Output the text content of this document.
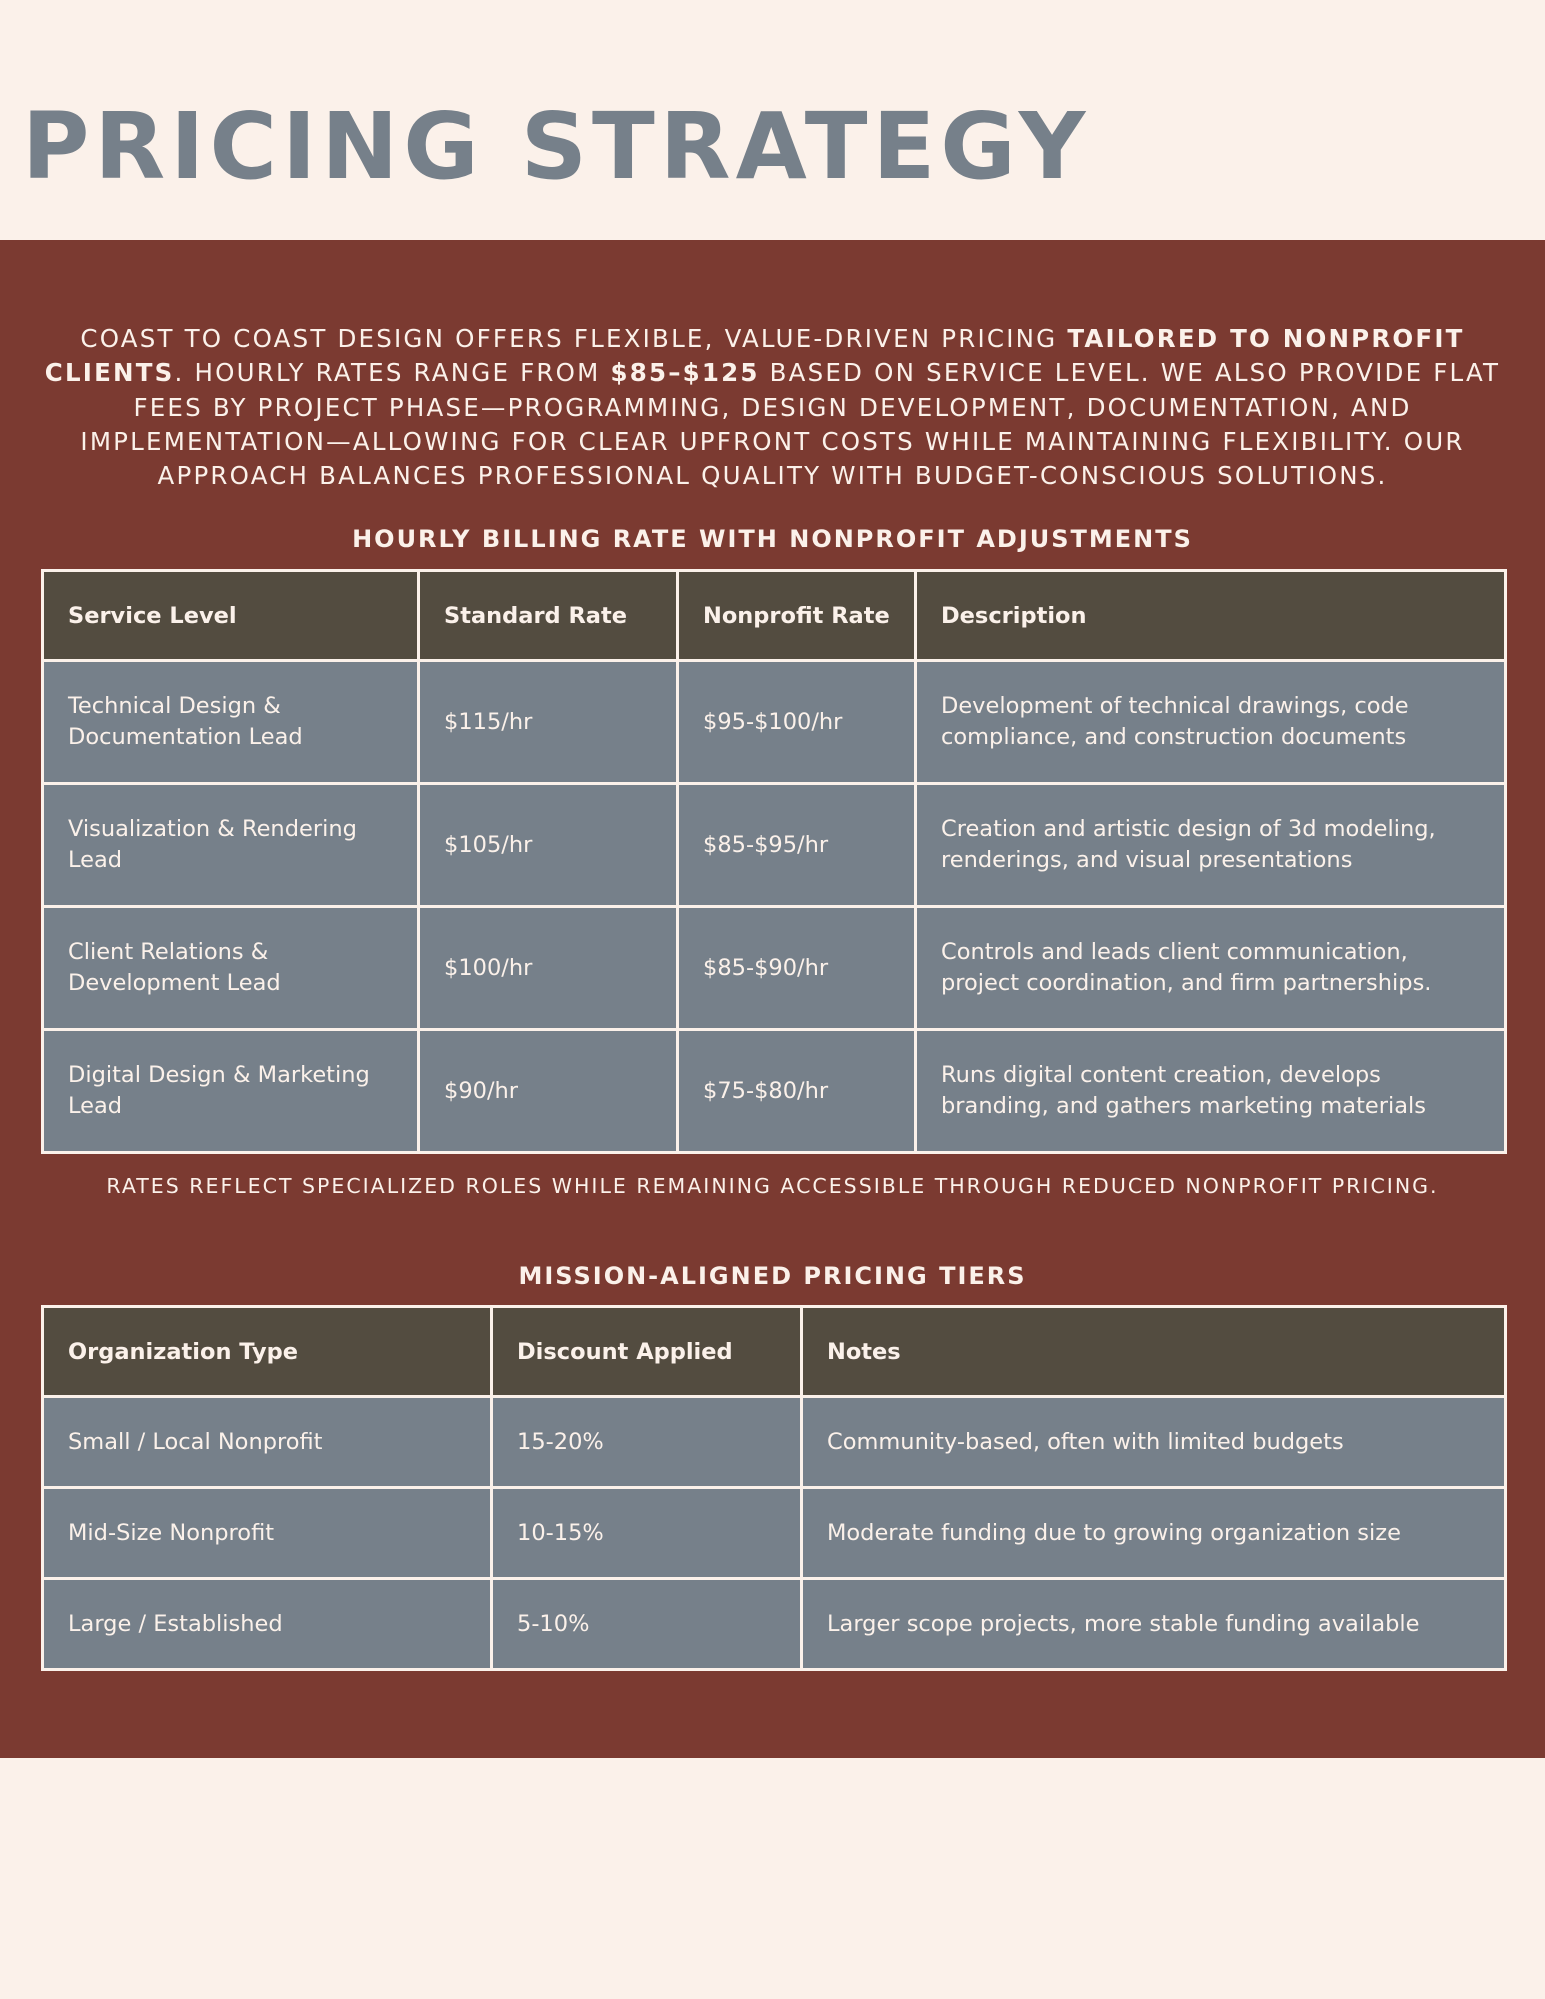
PRICING STRATEGY

COAST TO COAST DESIGN OFFERS FLEXIBLE, VALUE-DRIVEN PRICING TAILORED TO NONPROFIT CLIENTS. HOURLY RATES RANGE FROM $85–$125 BASED ON SERVICE LEVEL. WE ALSO PROVIDE FLAT FEES BY PROJECT PHASE—PROGRAMMING, DESIGN DEVELOPMENT, DOCUMENTATION, AND IMPLEMENTATION—ALLOWING FOR CLEAR UPFRONT COSTS WHILE MAINTAINING FLEXIBILITY. OUR APPROACH BALANCES PROFESSIONAL QUALITY WITH BUDGET-CONSCIOUS SOLUTIONS.

HOURLY BILLING RATE WITH NONPROFIT ADJUSTMENTS
Service Level	Standard Rate	Nonprofit Rate	Description
Technical Design & Documentation Lead	$115/hr	$95-$100/hr	Development of technical drawings, code compliance, and construction documents
Visualization & Rendering Lead	$105/hr	$85-$95/hr	Creation and artistic design of 3d modeling, renderings, and visual presentations
Client Relations & Development Lead	$100/hr	$85-$90/hr	Controls and leads client communication, project coordination, and firm partnerships.
Digital Design & Marketing Lead	$90/hr	$75-$80/hr	Runs digital content creation, develops branding, and gathers marketing materials

RATES REFLECT SPECIALIZED ROLES WHILE REMAINING ACCESSIBLE THROUGH REDUCED NONPROFIT PRICING.

MISSION-ALIGNED PRICING TIERS
Organization Type	Discount Applied	Notes
Small / Local Nonprofit	15-20%	Community-based, often with limited budgets
Mid-Size Nonprofit	10-15%	Moderate funding due to growing organization size
Large / Established	5-10%	Larger scope projects, more stable funding available
